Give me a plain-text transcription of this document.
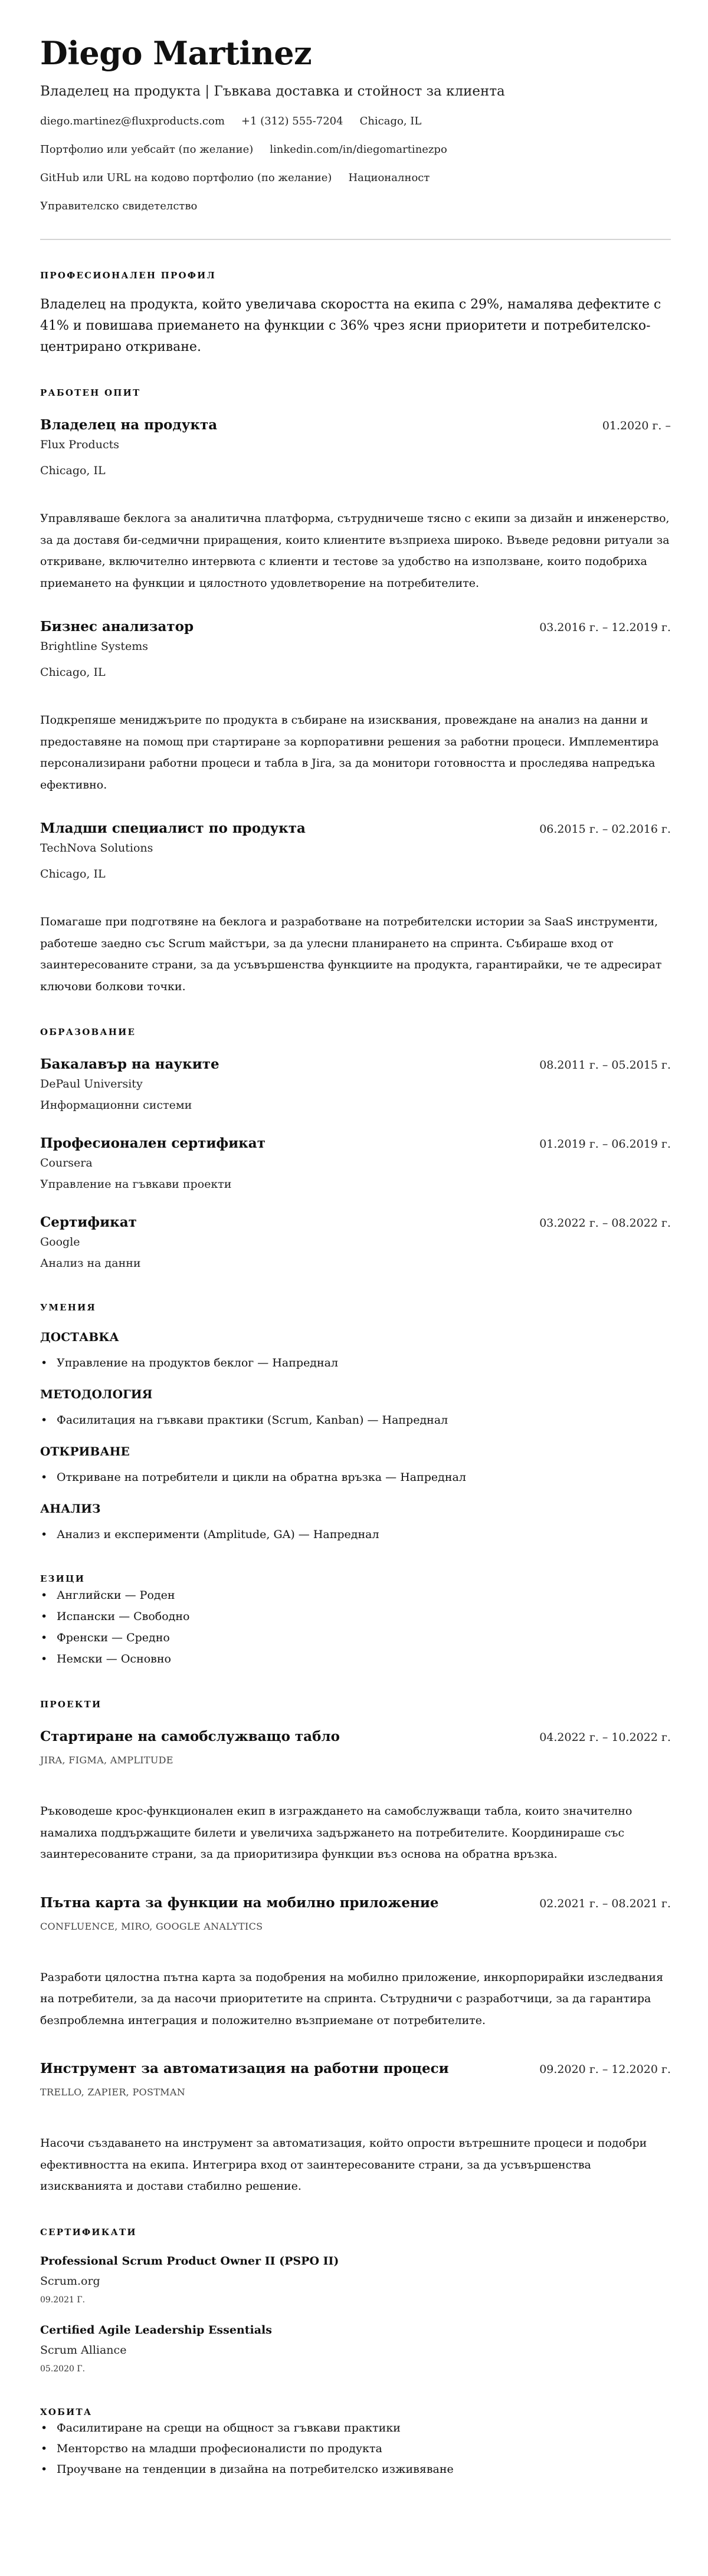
Diego Martinez
Владелец на продукта | Гъвкава доставка и стойност за клиента
diego.martinez@fluxproducts.com +1 (312) 555-7204 Chicago, IL
Портфолио или уебсайт (по желание) linkedin.com/in/diegomartinezpo
GitHub или URL на кодово портфолио (по желание) Националност
Управителско свидетелство
ПРОФЕСИОНАЛЕН ПРОФИЛ
Владелец на продукта, който увеличава скоростта на екипа с 29%, намалява дефектите с 41% и повишава приемането на функции с 36% чрез ясни приоритети и потребителско-центрирано откриване.
РАБОТЕН ОПИТ
Владелец на продукта	01.2020 г. –
Flux Products
Chicago, IL
Управляваше беклога за аналитична платформа, сътрудничеше тясно с екипи за дизайн и инженерство, за да доставя би-седмични приращения, които клиентите възприеха широко. Въведе редовни ритуали за откриване, включително интервюта с клиенти и тестове за удобство на използване, които подобриха приемането на функции и цялостното удовлетворение на потребителите.
Бизнес анализатор	03.2016 г. – 12.2019 г.
Brightline Systems
Chicago, IL
Подкрепяше мениджърите по продукта в събиране на изисквания, провеждане на анализ на данни и предоставяне на помощ при стартиране за корпоративни решения за работни процеси. Имплементира персонализирани работни процеси и табла в Jira, за да монитори готовността и проследява напредъка ефективно.
Младши специалист по продукта	06.2015 г. – 02.2016 г.
TechNova Solutions
Chicago, IL
Помагаше при подготвяне на беклога и разработване на потребителски истории за SaaS инструменти, работеше заедно със Scrum майстъри, за да улесни планирането на спринта. Събираше вход от заинтересованите страни, за да усъвършенства функциите на продукта, гарантирайки, че те адресират ключови болкови точки.
ОБРАЗОВАНИЕ
Бакалавър на науките	08.2011 г. – 05.2015 г.
DePaul University
Информационни системи
Професионален сертификат	01.2019 г. – 06.2019 г.
Coursera
Управление на гъвкави проекти
Сертификат	03.2022 г. – 08.2022 г.
Google
Анализ на данни
УМЕНИЯ
ДОСТАВКА
• Управление на продуктов беклог — Напреднал
МЕТОДОЛОГИЯ
• Фасилитация на гъвкави практики (Scrum, Kanban) — Напреднал
ОТКРИВАНЕ
• Откриване на потребители и цикли на обратна връзка — Напреднал
АНАЛИЗ
• Анализ и експерименти (Amplitude, GA) — Напреднал
ЕЗИЦИ
• Английски — Роден
• Испански — Свободно
• Френски — Средно
• Немски — Основно
ПРОЕКТИ
Стартиране на самобслужващо табло	04.2022 г. – 10.2022 г.
JIRA, FIGMA, AMPLITUDE
Ръководеше крос-функционален екип в изграждането на самобслужващи табла, които значително намалиха поддържащите билети и увеличиха задържането на потребителите. Координираше със заинтересованите страни, за да приоритизира функции въз основа на обратна връзка.
Пътна карта за функции на мобилно приложение	02.2021 г. – 08.2021 г.
CONFLUENCE, MIRO, GOOGLE ANALYTICS
Разработи цялостна пътна карта за подобрения на мобилно приложение, инкорпорирайки изследвания на потребители, за да насочи приоритетите на спринта. Сътрудничи с разработчици, за да гарантира безпроблемна интеграция и положително възприемане от потребителите.
Инструмент за автоматизация на работни процеси	09.2020 г. – 12.2020 г.
TRELLO, ZAPIER, POSTMAN
Насочи създаването на инструмент за автоматизация, който опрости вътрешните процеси и подобри ефективността на екипа. Интегрира вход от заинтересованите страни, за да усъвършенства изискванията и достави стабилно решение.
СЕРТИФИКАТИ
Professional Scrum Product Owner II (PSPO II)
Scrum.org
09.2021 Г.
Certified Agile Leadership Essentials
Scrum Alliance
05.2020 Г.
ХОБИТА
• Фасилитиране на срещи на общност за гъвкави практики
• Менторство на младши професионалисти по продукта
• Проучване на тенденции в дизайна на потребителско изживяване
